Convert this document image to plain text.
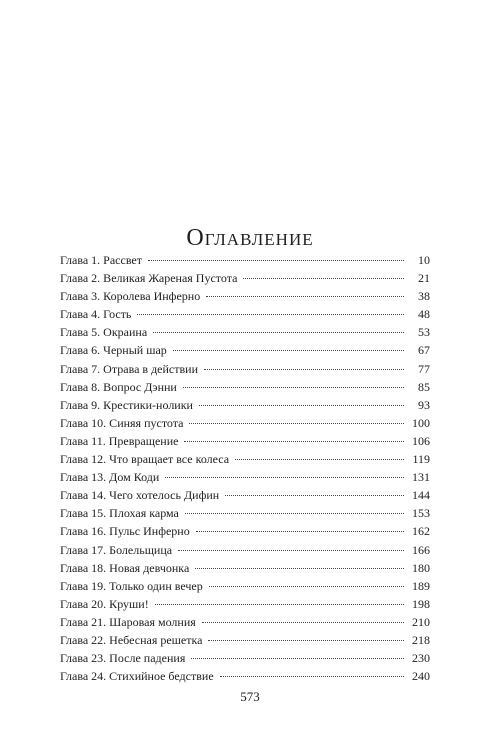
Оглавление
Глава 1. Рассвет	10
Глава 2. Великая Жареная Пустота	21
Глава 3. Королева Инферно	38
Глава 4. Гость	48
Глава 5. Окраина	53
Глава 6. Черный шар	67
Глава 7. Отрава в действии	77
Глава 8. Вопрос Дэнни	85
Глава 9. Крестики-нолики	93
Глава 10. Синяя пустота	100
Глава 11. Превращение	106
Глава 12. Что вращает все колеса	119
Глава 13. Дом Коди	131
Глава 14. Чего хотелось Дифин	144
Глава 15. Плохая карма	153
Глава 16. Пульс Инферно	162
Глава 17. Болельщица	166
Глава 18. Новая девчонка	180
Глава 19. Только один вечер	189
Глава 20. Круши!	198
Глава 21. Шаровая молния	210
Глава 22. Небесная решетка	218
Глава 23. После падения	230
Глава 24. Стихийное бедствие	240
573
